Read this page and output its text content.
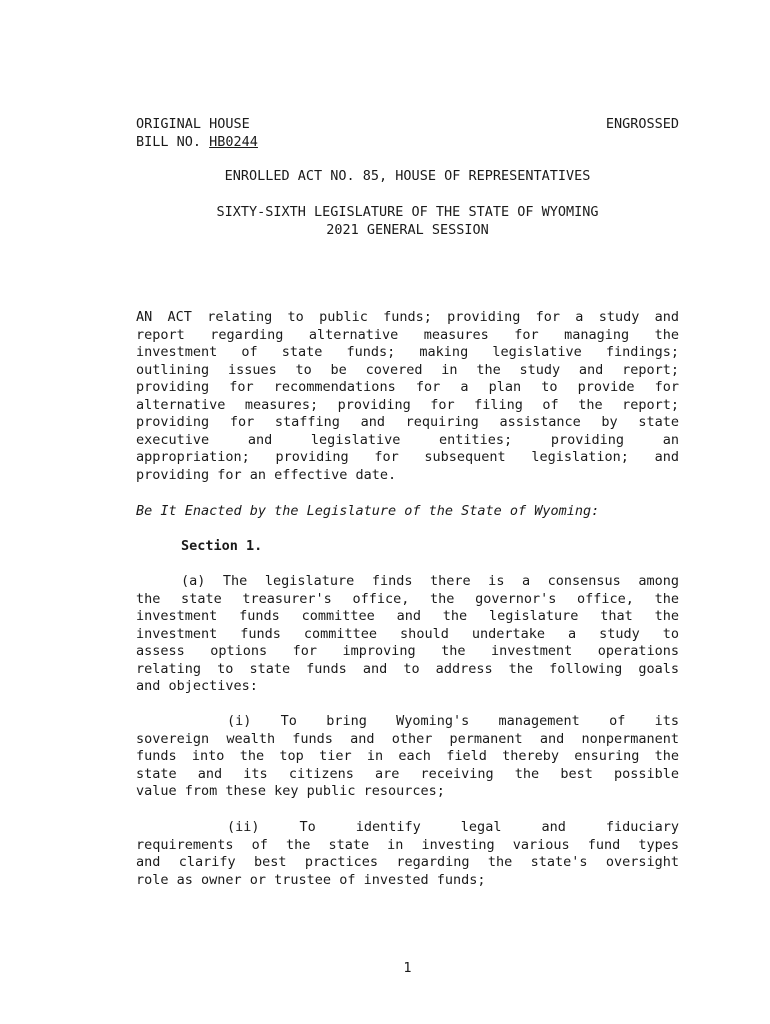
ORIGINAL HOUSE	ENGROSSED
BILL NO. HB0244
ENROLLED ACT NO. 85, HOUSE OF REPRESENTATIVES
SIXTY-SIXTH LEGISLATURE OF THE STATE OF WYOMING
2021 GENERAL SESSION
AN ACT relating to public funds; providing for a study and
report regarding alternative measures for managing the
investment of state funds; making legislative findings;
outlining issues to be covered in the study and report;
providing for recommendations for a plan to provide for
alternative measures; providing for filing of the report;
providing for staffing and requiring assistance by state
executive and legislative entities; providing an
appropriation; providing for subsequent legislation; and
providing for an effective date.
Be It Enacted by the Legislature of the State of Wyoming:
Section 1.
(a) The legislature finds there is a consensus among
the state treasurer's office, the governor's office, the
investment funds committee and the legislature that the
investment funds committee should undertake a study to
assess options for improving the investment operations
relating to state funds and to address the following goals
and objectives:
(i) To bring Wyoming's management of its
sovereign wealth funds and other permanent and nonpermanent
funds into the top tier in each field thereby ensuring the
state and its citizens are receiving the best possible
value from these key public resources;
(ii) To identify legal and fiduciary
requirements of the state in investing various fund types
and clarify best practices regarding the state's oversight
role as owner or trustee of invested funds;
1
